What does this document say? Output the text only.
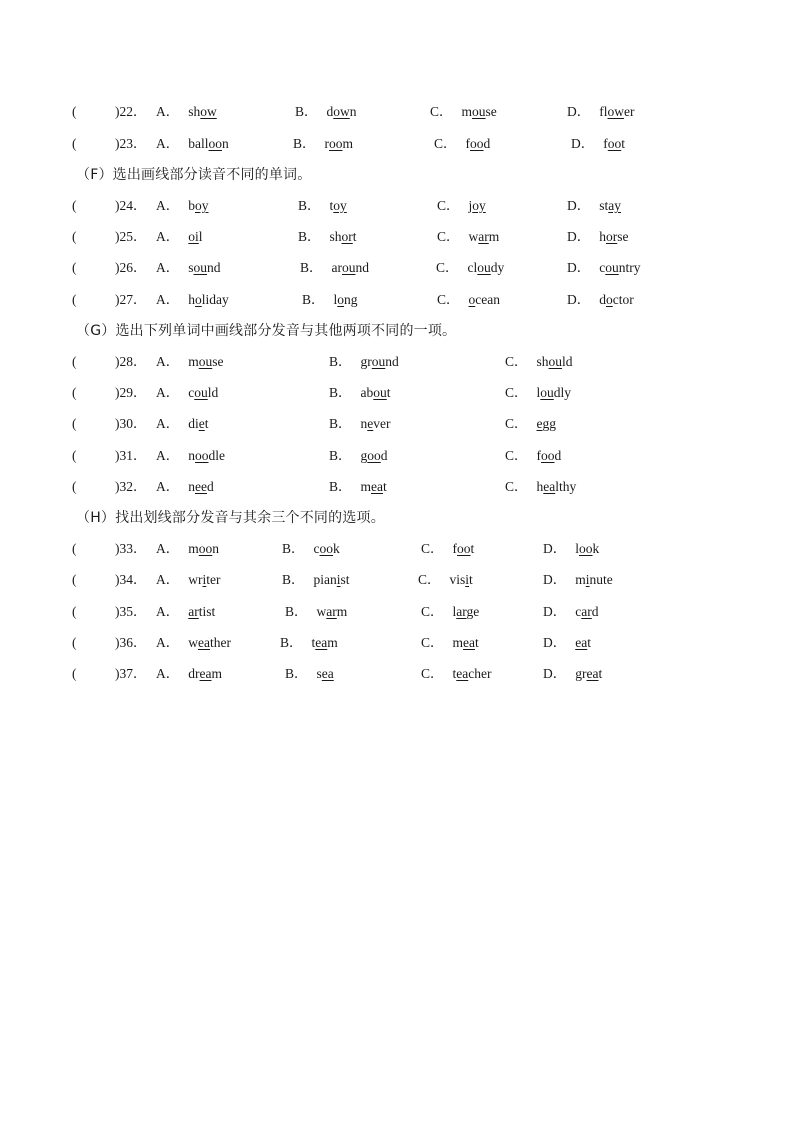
(	)22． A． show	B． down	C． mouse	D． flower
(	)23． A． balloon	B． room	C． food	D． foot
（F）选出画线部分读音不同的单词。
(	)24． A． boy	B． toy	C． joy	D． stay
(	)25． A． oil	B． short	C． warm	D． horse
(	)26． A． sound	B． around	C． cloudy	D． country
(	)27． A． holiday	B． long	C． ocean	D． doctor
（G）选出下列单词中画线部分发音与其他两项不同的一项。
(	)28． A． mouse	B． ground	C． should
(	)29． A． could	B． about	C． loudly
(	)30． A． diet	B． never	C． egg
(	)31． A． noodle	B． good	C． food
(	)32． A． need	B． meat	C． healthy
（H）找出划线部分发音与其余三个不同的选项。
(	)33． A． moon	B． cook	C． foot	D． look
(	)34． A． writer	B． pianist	C． visit	D． minute
(	)35． A． artist	B． warm	C． large	D． card
(	)36． A． weather	B． team	C． meat	D． eat
(	)37． A． dream	B． sea	C． teacher	D． great
